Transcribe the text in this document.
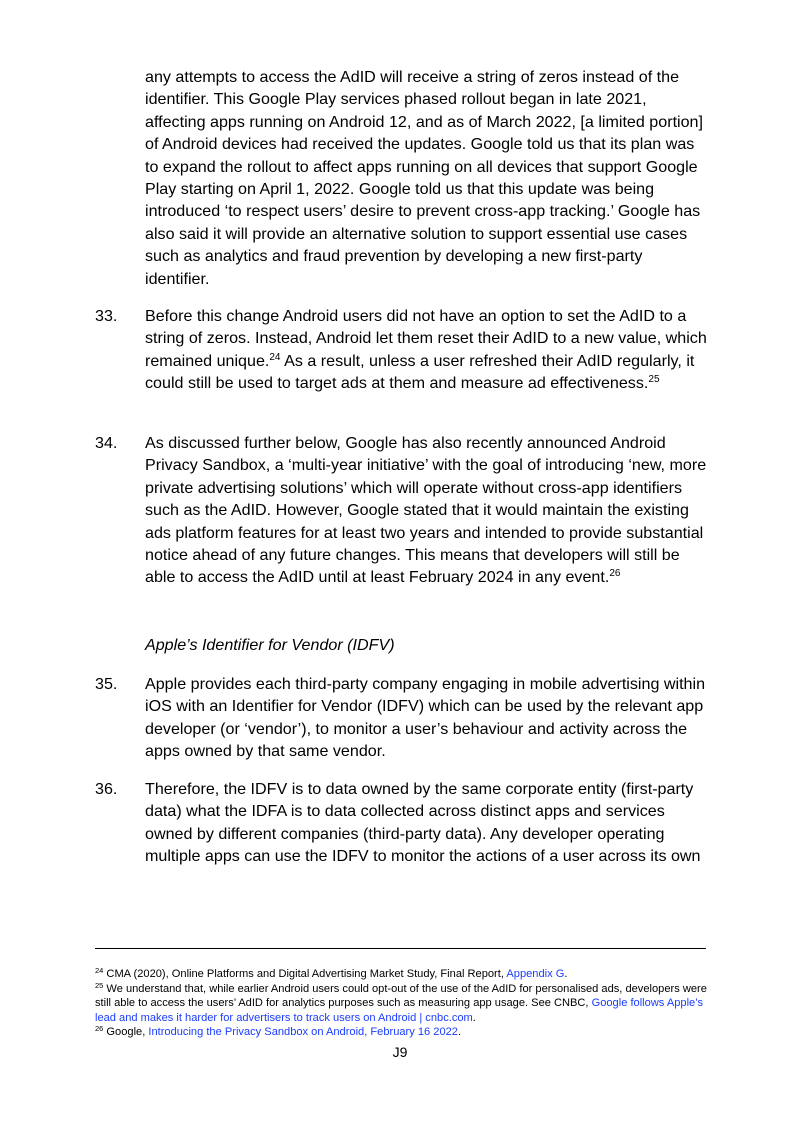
any attempts to access the AdID will receive a string of zeros instead of the identifier. This Google Play services phased rollout began in late 2021, affecting apps running on Android 12, and as of March 2022, [a limited portion] of Android devices had received the updates. Google told us that its plan was to expand the rollout to affect apps running on all devices that support Google Play starting on April 1, 2022. Google told us that this update was being introduced ‘to respect users’ desire to prevent cross-app tracking.’ Google has also said it will provide an alternative solution to support essential use cases such as analytics and fraud prevention by developing a new first-party identifier.
33. Before this change Android users did not have an option to set the AdID to a string of zeros. Instead, Android let them reset their AdID to a new value, which remained unique.$^{24}$ As a result, unless a user refreshed their AdID regularly, it could still be used to target ads at them and measure ad effectiveness.$^{25}$
34. As discussed further below, Google has also recently announced Android Privacy Sandbox, a ‘multi-year initiative’ with the goal of introducing ‘new, more private advertising solutions’ which will operate without cross-app identifiers such as the AdID. However, Google stated that it would maintain the existing ads platform features for at least two years and intended to provide substantial notice ahead of any future changes. This means that developers will still be able to access the AdID until at least February 2024 in any event.$^{26}$
Apple’s Identifier for Vendor (IDFV)
35. Apple provides each third-party company engaging in mobile advertising within iOS with an Identifier for Vendor (IDFV) which can be used by the relevant app developer (or ‘vendor’), to monitor a user’s behaviour and activity across the apps owned by that same vendor.
36. Therefore, the IDFV is to data owned by the same corporate entity (first-party data) what the IDFA is to data collected across distinct apps and services owned by different companies (third-party data). Any developer operating multiple apps can use the IDFV to monitor the actions of a user across its own
$^{24}$ CMA (2020), Online Platforms and Digital Advertising Market Study, Final Report, Appendix G.
$^{25}$ We understand that, while earlier Android users could opt-out of the use of the AdID for personalised ads, developers were still able to access the users’ AdID for analytics purposes such as measuring app usage. See CNBC, Google follows Apple’s lead and makes it harder for advertisers to track users on Android | cnbc.com.
$^{26}$ Google, Introducing the Privacy Sandbox on Android, February 16 2022.
J9
